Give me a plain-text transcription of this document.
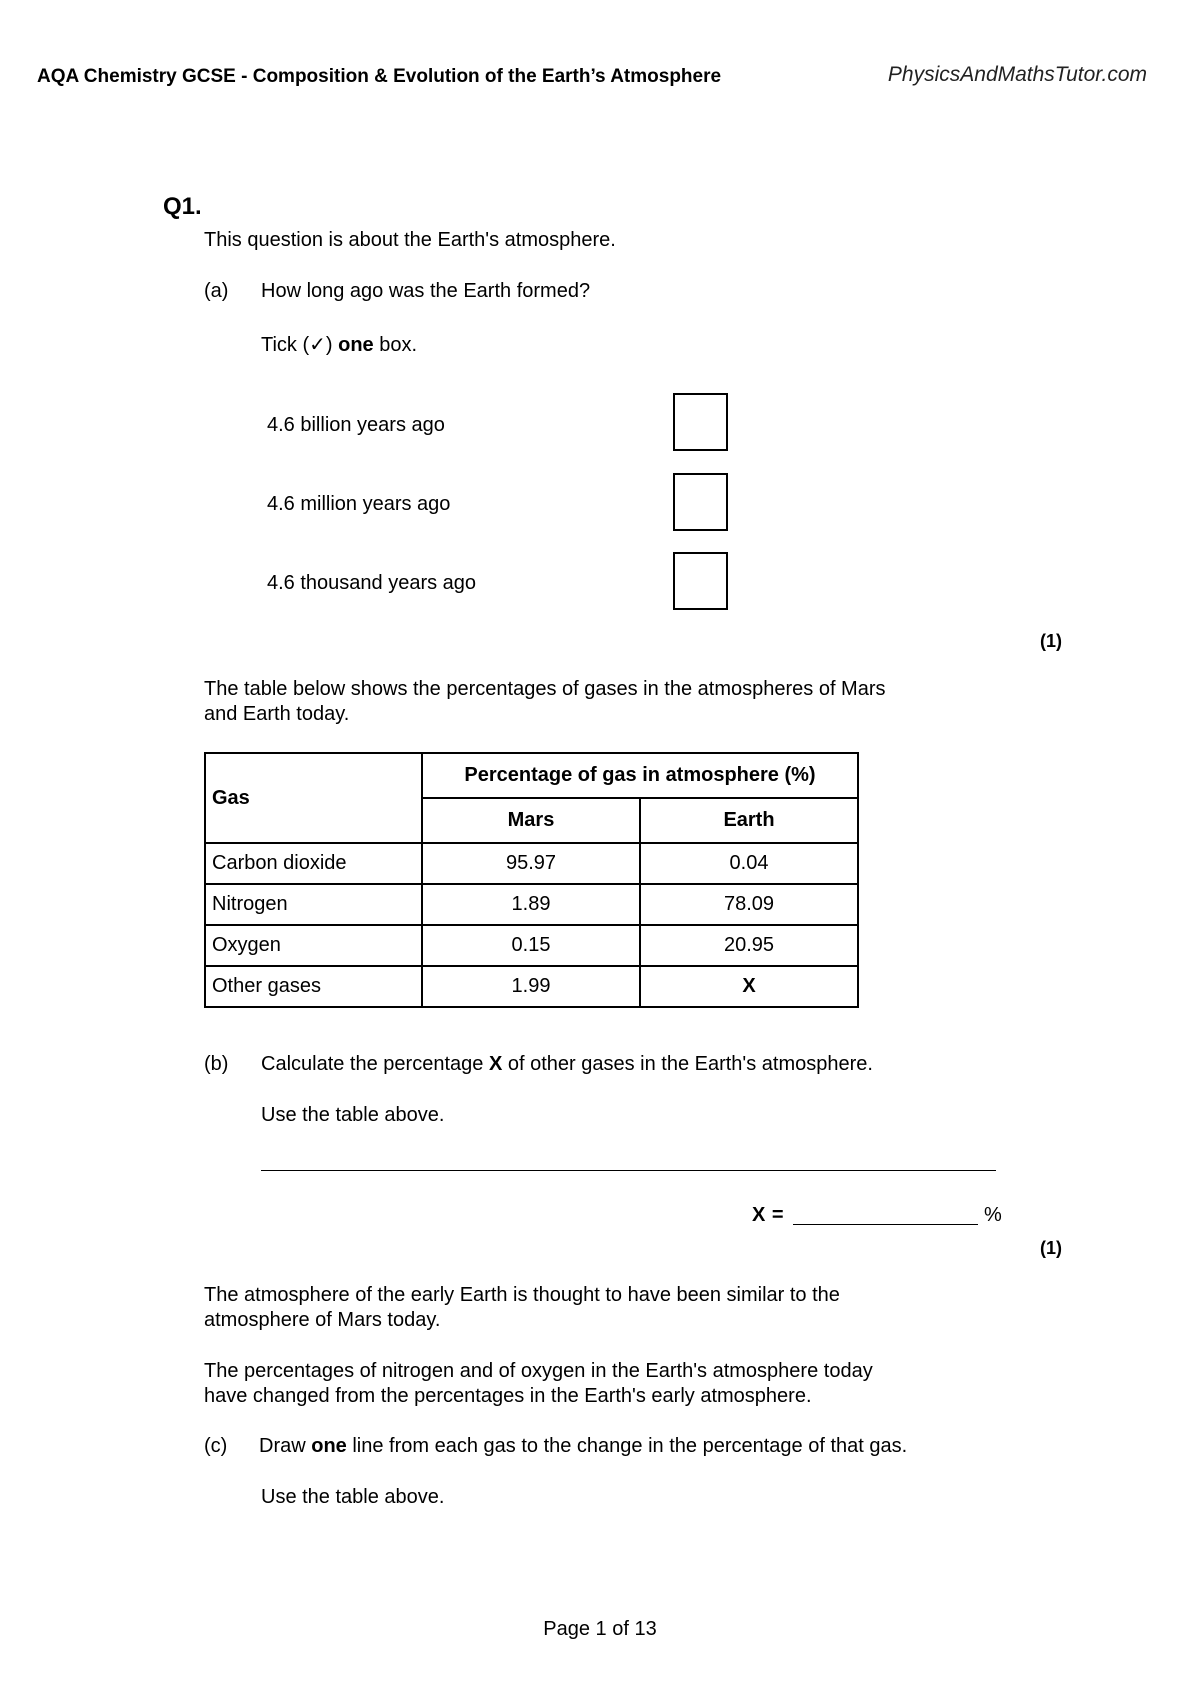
AQA Chemistry GCSE - Composition & Evolution of the Earth’s Atmosphere	PhysicsAndMathsTutor.com
Q1.
This question is about the Earth's atmosphere.
(a)	How long ago was the Earth formed?
Tick (✓) one box.
4.6 billion years ago
4.6 million years ago
4.6 thousand years ago
(1)
The table below shows the percentages of gases in the atmospheres of Mars
and Earth today.
Gas	Percentage of gas in atmosphere (%)	
	Mars	Earth
Carbon dioxide	95.97	0.04
Nitrogen	1.89	78.09
Oxygen	0.15	20.95
Other gases	1.99	X
(b)	Calculate the percentage X of other gases in the Earth's atmosphere.
Use the table above.
X =	%
(1)
The atmosphere of the early Earth is thought to have been similar to the
atmosphere of Mars today.
The percentages of nitrogen and of oxygen in the Earth's atmosphere today
have changed from the percentages in the Earth's early atmosphere.
(c)	Draw one line from each gas to the change in the percentage of that gas.
Use the table above.
Page 1 of 13
